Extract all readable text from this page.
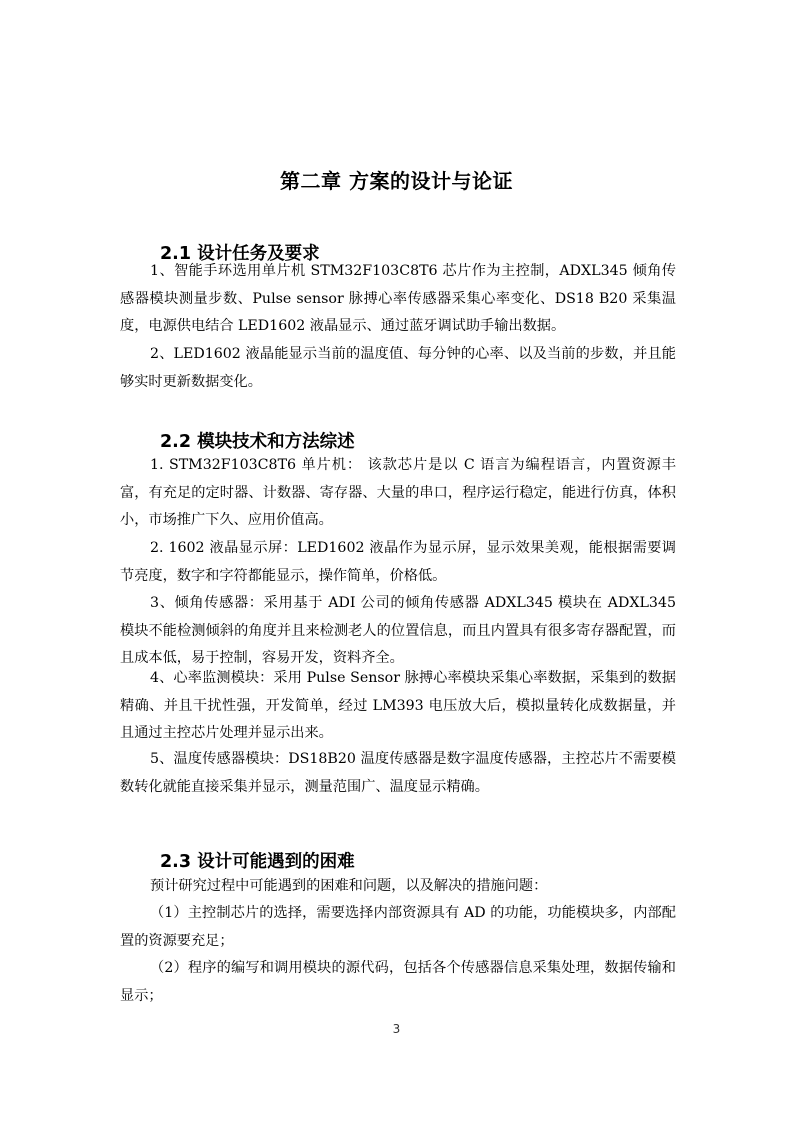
第二章 方案的设计与论证
2.1 设计任务及要求

1、智能手环选用单片机 STM32F103C8T6 芯片作为主控制，ADXL345 倾角传感器模块测量步数、Pulse sensor 脉搏心率传感器采集心率变化、DS18 B20 采集温度，电源供电结合 LED1602 液晶显示、通过蓝牙调试助手输出数据。

2、LED1602 液晶能显示当前的温度值、每分钟的心率、以及当前的步数，并且能够实时更新数据变化。

2.2 模块技术和方法综述

1. STM32F103C8T6 单片机： 该款芯片是以 C 语言为编程语言，内置资源丰富，有充足的定时器、计数器、寄存器、大量的串口，程序运行稳定，能进行仿真，体积小，市场推广下久、应用价值高。

2. 1602 液晶显示屏：LED1602 液晶作为显示屏，显示效果美观，能根据需要调节亮度，数字和字符都能显示，操作简单，价格低。

3、倾角传感器：采用基于 ADI 公司的倾角传感器 ADXL345 模块在 ADXL345 模块不能检测倾斜的角度并且来检测老人的位置信息，而且内置具有很多寄存器配置，而且成本低，易于控制，容易开发，资料齐全。

4、心率监测模块：采用 Pulse Sensor 脉搏心率模块采集心率数据，采集到的数据精确、并且干扰性强，开发简单，经过 LM393 电压放大后，模拟量转化成数据量，并且通过主控芯片处理并显示出来。

5、温度传感器模块：DS18B20 温度传感器是数字温度传感器，主控芯片不需要模数转化就能直接采集并显示，测量范围广、温度显示精确。

2.3 设计可能遇到的困难

预计研究过程中可能遇到的困难和问题，以及解决的措施问题：

（1）主控制芯片的选择，需要选择内部资源具有 AD 的功能，功能模块多，内部配置的资源要充足；

（2）程序的编写和调用模块的源代码，包括各个传感器信息采集处理，数据传输和显示；

3
